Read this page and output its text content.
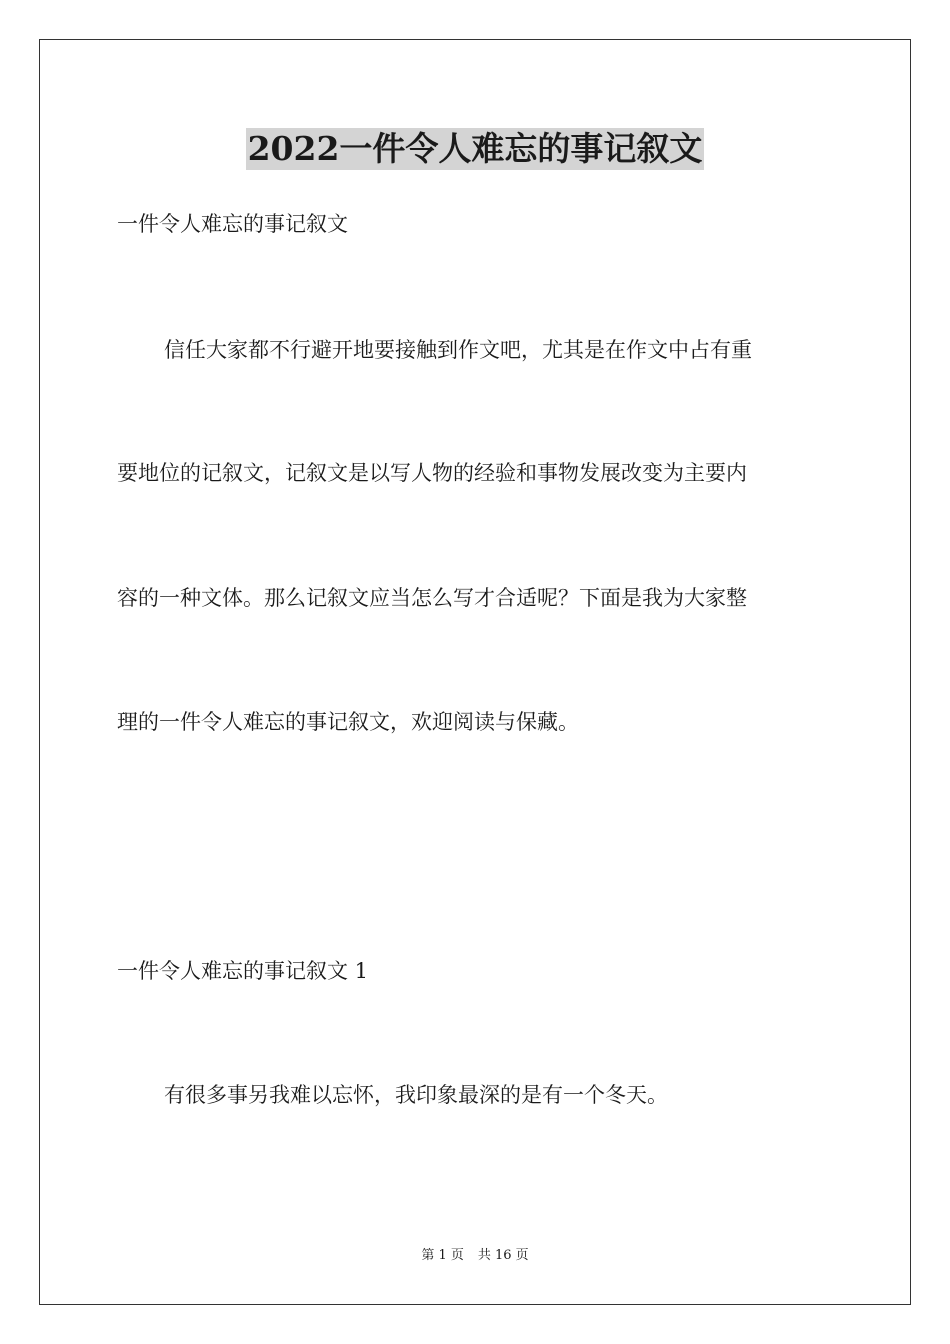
2022一件令人难忘的事记叙文
一件令人难忘的事记叙文
信任大家都不行避开地要接触到作文吧，尤其是在作文中占有重
要地位的记叙文，记叙文是以写人物的经验和事物发展改变为主要内
容的一种文体。那么记叙文应当怎么写才合适呢？下面是我为大家整
理的一件令人难忘的事记叙文，欢迎阅读与保藏。
一件令人难忘的事记叙文 1
有很多事另我难以忘怀，我印象最深的是有一个冬天。
第 1 页 共 16 页
